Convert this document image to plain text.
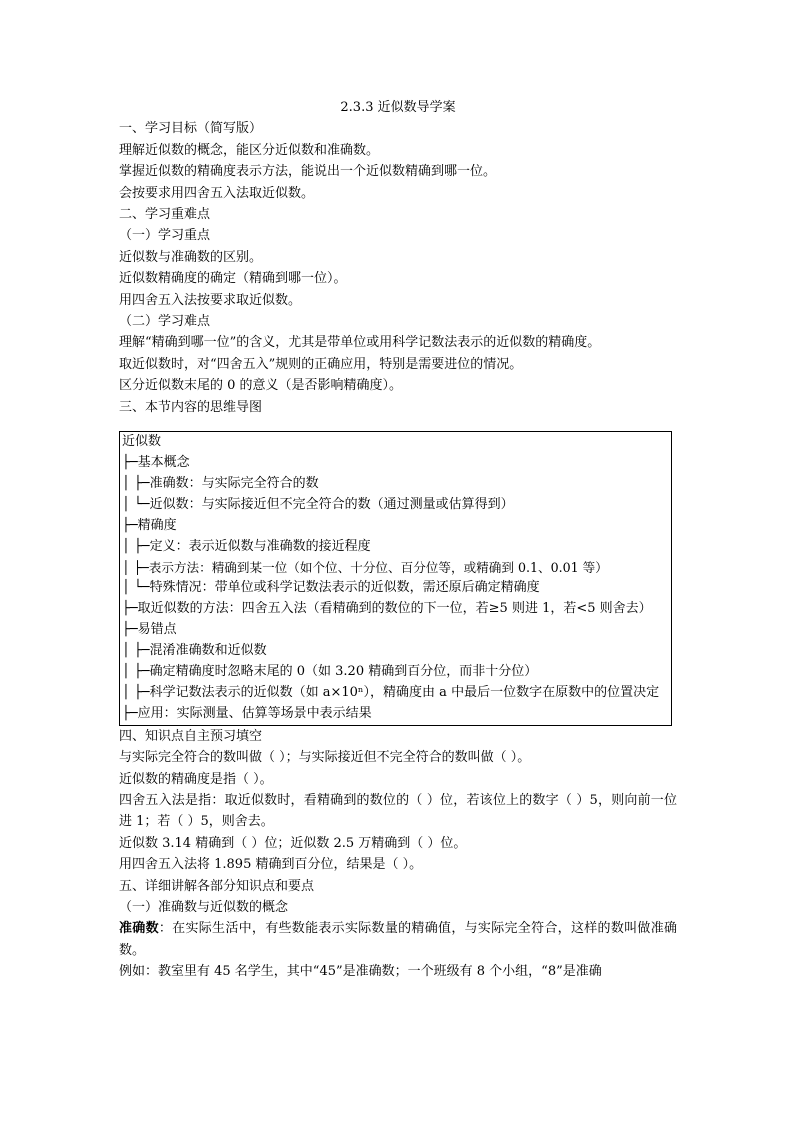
2.3.3 近似数导学案
一、学习目标（简写版）
理解近似数的概念，能区分近似数和准确数。
掌握近似数的精确度表示方法，能说出一个近似数精确到哪一位。
会按要求用四舍五入法取近似数。
二、学习重难点
（一）学习重点
近似数与准确数的区别。
近似数精确度的确定（精确到哪一位）。
用四舍五入法按要求取近似数。
（二）学习难点
理解“精确到哪一位”的含义，尤其是带单位或用科学记数法表示的近似数的精确度。
取近似数时，对“四舍五入”规则的正确应用，特别是需要进位的情况。
区分近似数末尾的 0 的意义（是否影响精确度）。
三、本节内容的思维导图
近似数
├─基本概念
│ ├─准确数：与实际完全符合的数
│ └─近似数：与实际接近但不完全符合的数（通过测量或估算得到）
├─精确度
│ ├─定义：表示近似数与准确数的接近程度
│ ├─表示方法：精确到某一位（如个位、十分位、百分位等，或精确到 0.1、0.01 等）
│ └─特殊情况：带单位或科学记数法表示的近似数，需还原后确定精确度
├─取近似数的方法：四舍五入法（看精确到的数位的下一位，若≥5 则进 1，若<5 则舍去）
├─易错点
│ ├─混淆准确数和近似数
│ ├─确定精确度时忽略末尾的 0（如 3.20 精确到百分位，而非十分位）
│ ├─科学记数法表示的近似数（如 a×10ⁿ），精确度由 a 中最后一位数字在原数中的位置决定
├─应用：实际测量、估算等场景中表示结果
四、知识点自主预习填空
与实际完全符合的数叫做（ ）；与实际接近但不完全符合的数叫做（ ）。
近似数的精确度是指（ ）。
四舍五入法是指：取近似数时，看精确到的数位的（ ）位，若该位上的数字（ ）5，则向前一位进 1；若（ ）5，则舍去。
近似数 3.14 精确到（ ）位；近似数 2.5 万精确到（ ）位。
用四舍五入法将 1.895 精确到百分位，结果是（ ）。
五、详细讲解各部分知识点和要点
（一）准确数与近似数的概念
准确数：在实际生活中，有些数能表示实际数量的精确值，与实际完全符合，这样的数叫做准确数。
例如：教室里有 45 名学生，其中“45”是准确数；一个班级有 8 个小组，“8”是准确
